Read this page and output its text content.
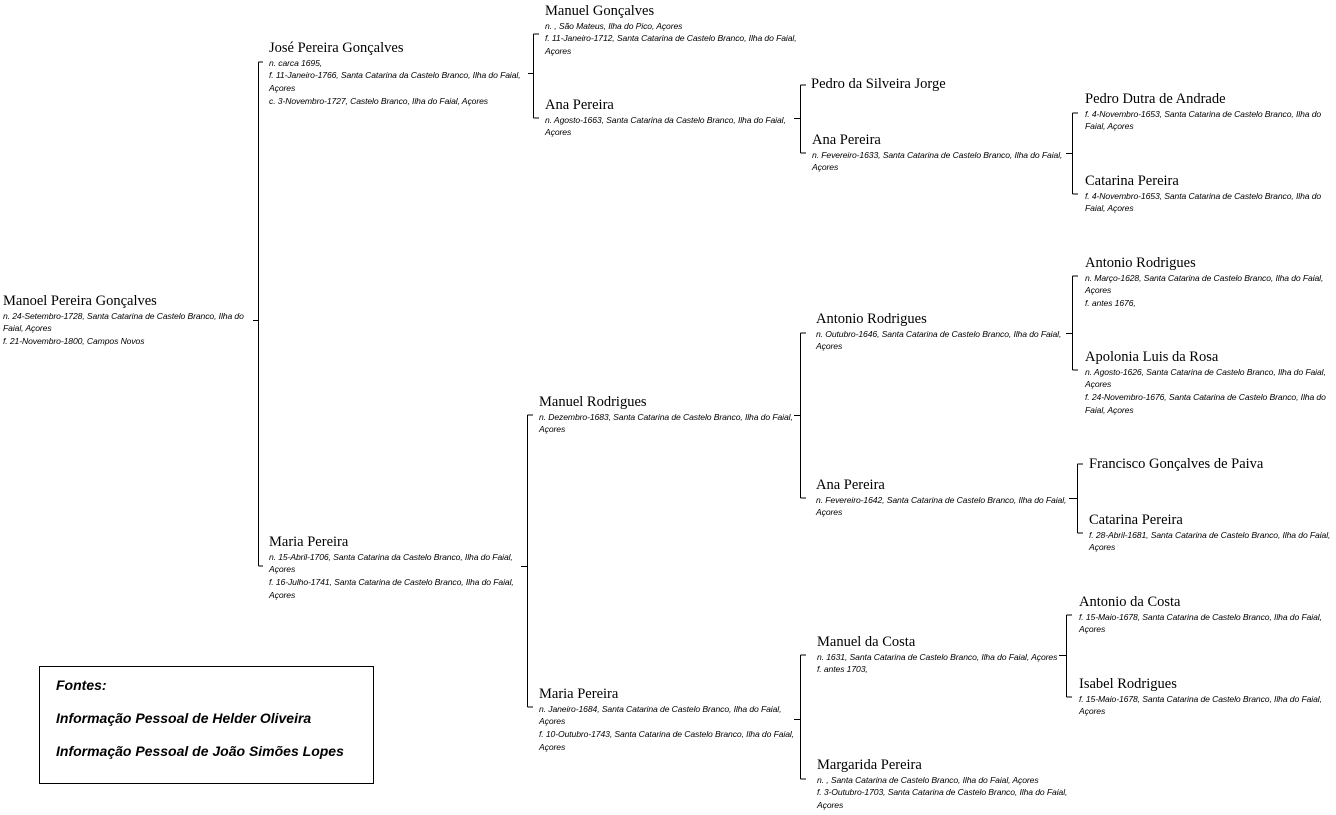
Manoel Pereira Gonçalves
n. 24-Setembro-1728, Santa Catarina de Castelo Branco, Ilha do
Faial, Açores
f. 21-Novembro-1800, Campos Novos
José Pereira Gonçalves
n. carca 1695,
f. 11-Janeiro-1766, Santa Catarina da Castelo Branco, Ilha do Faial,
Açores
c. 3-Novembro-1727, Castelo Branco, Ilha do Faial, Açores
Maria Pereira
n. 15-Abril-1706, Santa Catarina da Castelo Branco, Ilha do Faial,
Açores
f. 16-Julho-1741, Santa Catarina de Castelo Branco, Ilha do Faial,
Açores
Manuel Gonçalves
n. , São Mateus, Ilha do Pico, Açores
f. 11-Janeiro-1712, Santa Catarina de Castelo Branco, Ilha do Faial,
Açores
Ana Pereira
n. Agosto-1663, Santa Catarina da Castelo Branco, Ilha do Faial,
Açores
Manuel Rodrigues
n. Dezembro-1683, Santa Catarina de Castelo Branco, Ilha do Faial,
Açores
Maria Pereira
n. Janeiro-1684, Santa Catarina de Castelo Branco, Ilha do Faial,
Açores
f. 10-Outubro-1743, Santa Catarina de Castelo Branco, Ilha do Faial,
Açores
Pedro da Silveira Jorge
Ana Pereira
n. Fevereiro-1633, Santa Catarina de Castelo Branco, Ilha do Faial,
Açores
Antonio Rodrigues
n. Outubro-1646, Santa Catarina de Castelo Branco, Ilha do Faial,
Açores
Ana Pereira
n. Fevereiro-1642, Santa Catarina de Castelo Branco, Ilha do Faial,
Açores
Manuel da Costa
n. 1631, Santa Catarina de Castelo Branco, Ilha do Faial, Açores
f. antes 1703,
Margarida Pereira
n. , Santa Catarina de Castelo Branco, Ilha do Faial, Açores
f. 3-Outubro-1703, Santa Catarina de Castelo Branco, Ilha do Faial,
Açores
Pedro Dutra de Andrade
f. 4-Novembro-1653, Santa Catarina de Castelo Branco, Ilha do
Faial, Açores
Catarina Pereira
f. 4-Novembro-1653, Santa Catarina de Castelo Branco, Ilha do
Faial, Açores
Antonio Rodrigues
n. Março-1628, Santa Catarina de Castelo Branco, Ilha do Faial,
Açores
f. antes 1676,
Apolonia Luis da Rosa
n. Agosto-1626, Santa Catarina de Castelo Branco, Ilha do Faial,
Açores
f. 24-Novembro-1676, Santa Catarina de Castelo Branco, Ilha do
Faial, Açores
Francisco Gonçalves de Paiva
Catarina Pereira
f. 28-Abril-1681, Santa Catarina de Castelo Branco, Ilha do Faial,
Açores
Antonio da Costa
f. 15-Maio-1678, Santa Catarina de Castelo Branco, Ilha do Faial,
Açores
Isabel Rodrigues
f. 15-Maio-1678, Santa Catarina de Castelo Branco, Ilha do Faial,
Açores
Fontes:
Informação Pessoal de Helder Oliveira
Informação Pessoal de João Simões Lopes
